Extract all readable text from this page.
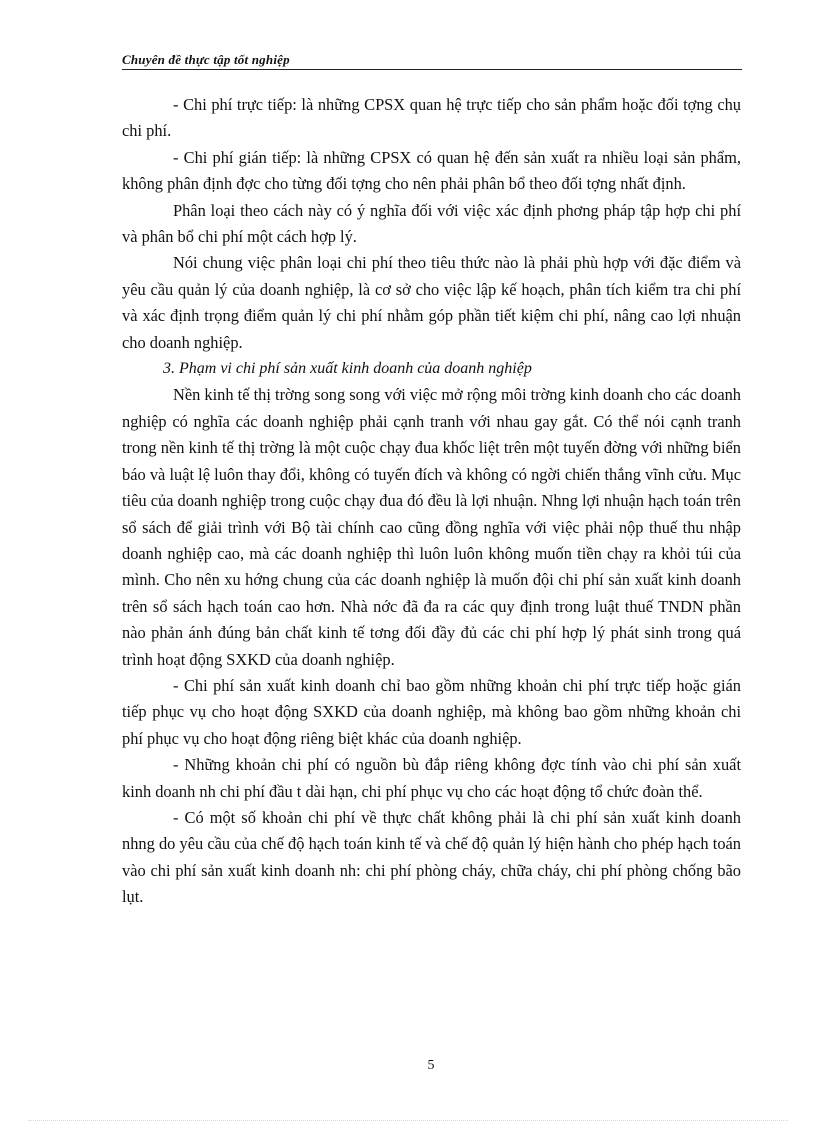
Chuyên đề thực tập tốt nghiệp

- Chi phí trực tiếp: là những CPSX quan hệ trực tiếp cho sản phẩm hoặc đối tợng chụ chi phí.

- Chi phí gián tiếp: là những CPSX có quan hệ đến sản xuất ra nhiều loại sản phẩm, không phân định đợc cho từng đối tợng cho nên phải phân bổ theo đối tợng nhất định.

Phân loại theo cách này có ý nghĩa đối với việc xác định phơng pháp tập hợp chi phí và phân bổ chi phí một cách hợp lý.

Nói chung việc phân loại chi phí theo tiêu thức nào là phải phù hợp với đặc điểm và yêu cầu quản lý của doanh nghiệp, là cơ sở cho việc lập kế hoạch, phân tích kiểm tra chi phí và xác định trọng điểm quản lý chi phí nhằm góp phần tiết kiệm chi phí, nâng cao lợi nhuận cho doanh nghiệp.

3. Phạm vi chi phí sản xuất kinh doanh của doanh nghiệp

Nền kinh tế thị trờng song song với việc mở rộng môi trờng kinh doanh cho các doanh nghiệp có nghĩa các doanh nghiệp phải cạnh tranh với nhau gay gắt. Có thể nói cạnh tranh trong nền kinh tế thị trờng là một cuộc chạy đua khốc liệt trên một tuyến đờng với những biển báo và luật lệ luôn thay đổi, không có tuyến đích và không có ngời chiến thắng vĩnh cửu. Mục tiêu của doanh nghiệp trong cuộc chạy đua đó đều là lợi nhuận. Nhng lợi nhuận hạch toán trên sổ sách để giải trình với Bộ tài chính cao cũng đồng nghĩa với việc phải nộp thuế thu nhập doanh nghiệp cao, mà các doanh nghiệp thì luôn luôn không muốn tiền chạy ra khỏi túi của mình. Cho nên xu hớng chung của các doanh nghiệp là muốn đội chi phí sản xuất kinh doanh trên sổ sách hạch toán cao hơn. Nhà nớc đã đa ra các quy định trong luật thuế TNDN phần nào phản ánh đúng bản chất kinh tế tơng đối đầy đủ các chi phí hợp lý phát sinh trong quá trình hoạt động SXKD của doanh nghiệp.

- Chi phí sản xuất kinh doanh chỉ bao gồm những khoản chi phí trực tiếp hoặc gián tiếp phục vụ cho hoạt động SXKD của doanh nghiệp, mà không bao gồm những khoản chi phí phục vụ cho hoạt động riêng biệt khác của doanh nghiệp.

- Những khoản chi phí có nguồn bù đắp riêng không đợc tính vào chi phí sản xuất kinh doanh nh chi phí đầu t dài hạn, chi phí phục vụ cho các hoạt động tổ chức đoàn thể.

- Có một số khoản chi phí về thực chất không phải là chi phí sản xuất kinh doanh nhng do yêu cầu của chế độ hạch toán kinh tế và chế độ quản lý hiện hành cho phép hạch toán vào chi phí sản xuất kinh doanh nh: chi phí phòng cháy, chữa cháy, chi phí phòng chống bão lụt.

5
